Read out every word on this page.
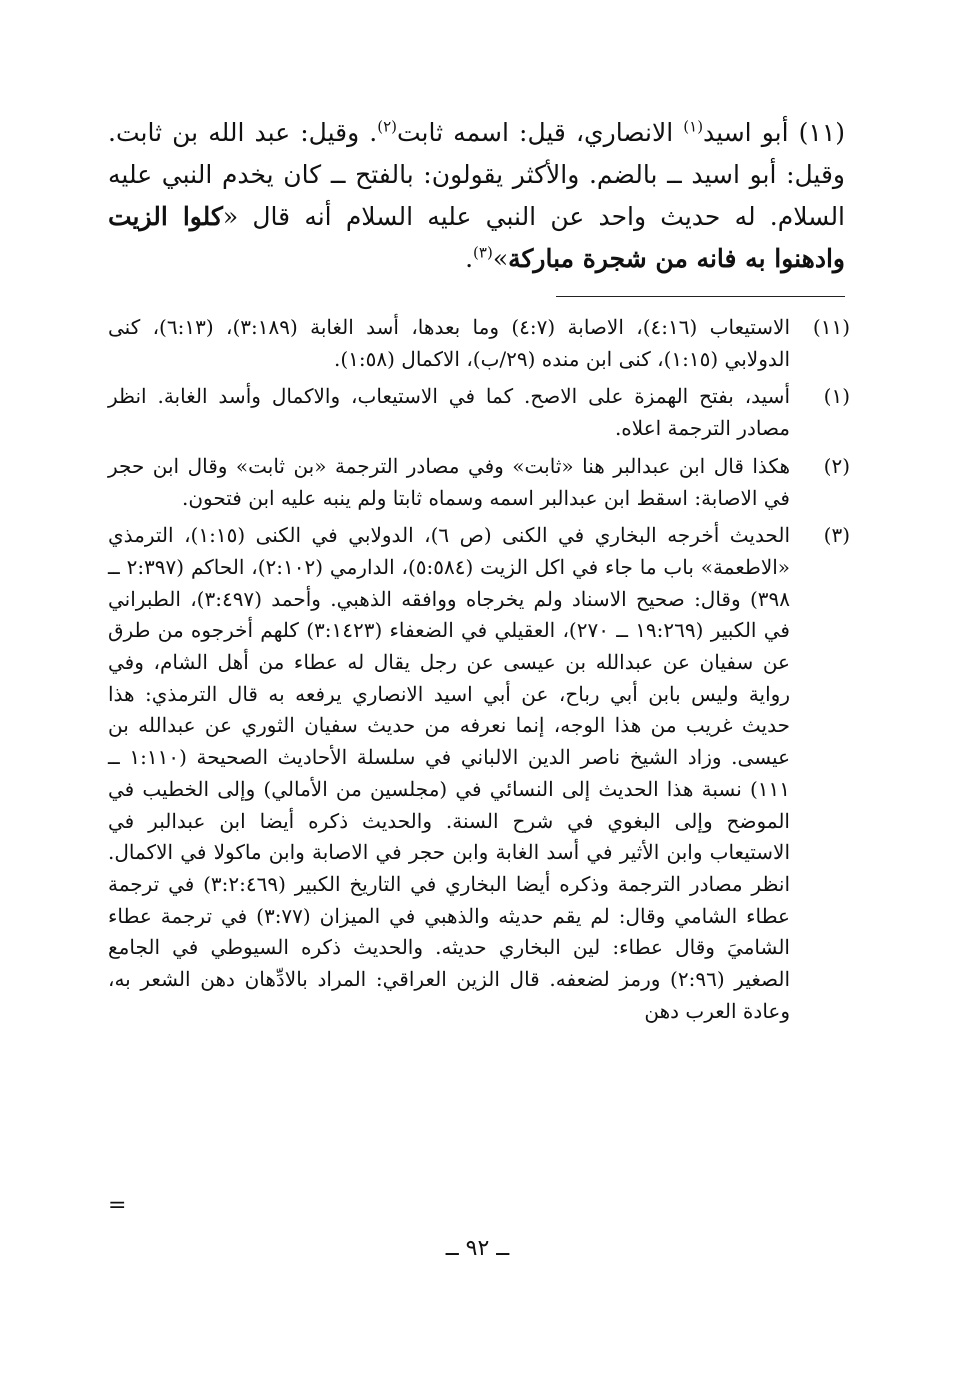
(١١) أبو اسيد$^{(١)}$ الانصاري، قيل: اسمه ثابت$^{(٢)}$. وقيل: عبد الله بن ثابت. وقيل: أبو اسيد ــ بالضم. والأكثر يقولون: بالفتح ــ كان يخدم النبي عليه السلام. له حديث واحد عن النبي عليه السلام أنه قال «كلوا الزيت وادهنوا به فانه من شجرة مباركة»$^{(٣)}$.
(١١)
الاستيعاب (٤:١٦)، الاصابة (٤:٧) وما بعدها، أسد الغابة (٣:١٨٩)، (٦:١٣)، كنى الدولابي (١:١٥)، كنى ابن منده (٢٩/ب)، الاكمال (١:٥٨).
(١)
أسيد، بفتح الهمزة على الاصح. كما في الاستيعاب، والاكمال وأسد الغابة. انظر مصادر الترجمة اعلاه.
(٢)
هكذا قال ابن عبدالبر هنا «ثابت» وفي مصادر الترجمة «بن ثابت» وقال ابن حجر في الاصابة: اسقط ابن عبدالبر اسمه وسماه ثابتا ولم ينبه عليه ابن فتحون.
(٣)
الحديث أخرجه البخاري في الكنى (ص ٦)، الدولابي في الكنى (١:١٥)، الترمذي «الاطعمة» باب ما جاء في اكل الزيت (٥:٥٨٤)، الدارمي (٢:١٠٢)، الحاكم (٢:٣٩٧ ــ ٣٩٨) وقال: صحيح الاسناد ولم يخرجاه ووافقه الذهبي. وأحمد (٣:٤٩٧)، الطبراني في الكبير (١٩:٢٦٩ ــ ٢٧٠)، العقيلي في الضعفاء (٣:١٤٢٣) كلهم أخرجوه من طرق عن سفيان عن عبدالله بن عيسى عن رجل يقال له عطاء من أهل الشام، وفي رواية وليس بابن أبي رباح، عن أبي اسيد الانصاري يرفعه به قال الترمذي: هذا حديث غريب من هذا الوجه، إنما نعرفه من حديث سفيان الثوري عن عبدالله بن عيسى. وزاد الشيخ ناصر الدين الالباني في سلسلة الأحاديث الصحيحة (١:١١٠ ــ ١١١) نسبة هذا الحديث إلى النسائي في (مجلسين من الأمالي) وإلى الخطيب في الموضح وإلى البغوي في شرح السنة. والحديث ذكره أيضا ابن عبدالبر في الاستيعاب وابن الأثير في أسد الغابة وابن حجر في الاصابة وابن ماكولا في الاكمال. انظر مصادر الترجمة وذكره أيضا البخاري في التاريخ الكبير (٣:٢:٤٦٩) في ترجمة عطاء الشامي وقال: لم يقم حديثه والذهبي في الميزان (٣:٧٧) في ترجمة عطاء الشاميَ وقال عطاء: لين البخاري حديثه. والحديث ذكره السيوطي في الجامع الصغير (٢:٩٦) ورمز لضعفه. قال الزين العراقي: المراد بالادِّهان دهن الشعر به، وعادة العرب دهن
=
ــ ٩٢ ــ
